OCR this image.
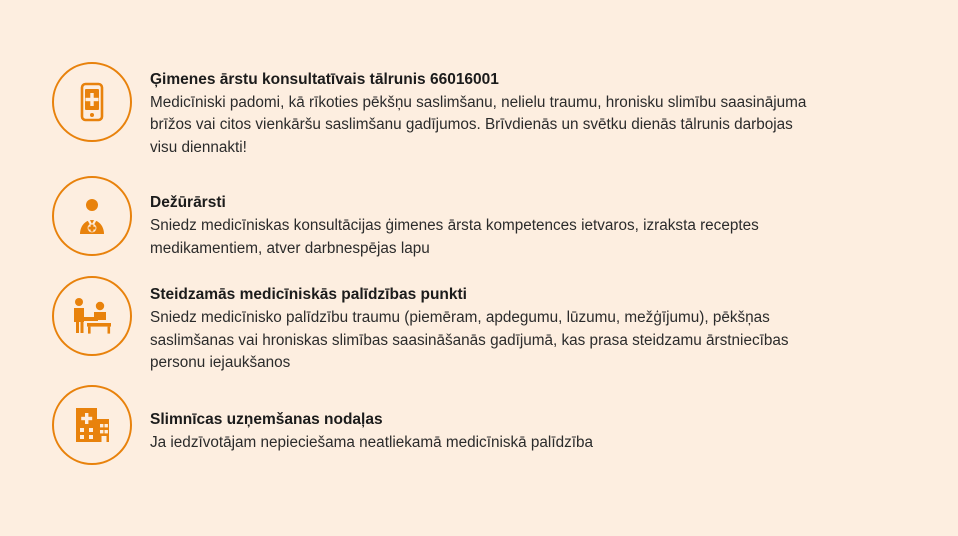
Ģimenes ārstu konsultatīvais tālrunis 66016001
Medicīniski padomi, kā rīkoties pēkšņu saslimšanu, nelielu traumu, hronisku slimību saasinājuma brīžos vai citos vienkāršu saslimšanu gadījumos. Brīvdienās un svētku dienās tālrunis darbojas visu diennakti!
Dežūrārsti
Sniedz medicīniskas konsultācijas ģimenes ārsta kompetences ietvaros, izraksta receptes medikamentiem, atver darbnespējas lapu
Steidzamās medicīniskās palīdzības punkti
Sniedz medicīnisko palīdzību traumu (piemēram, apdegumu, lūzumu, mežģījumu), pēkšņas saslimšanas vai hroniskas slimības saasināšanās gadījumā, kas prasa steidzamu ārstniecības personu iejaukšanos
Slimnīcas uzņemšanas nodaļas
Ja iedzīvotājam nepieciešama neatliekamā medicīniskā palīdzība
